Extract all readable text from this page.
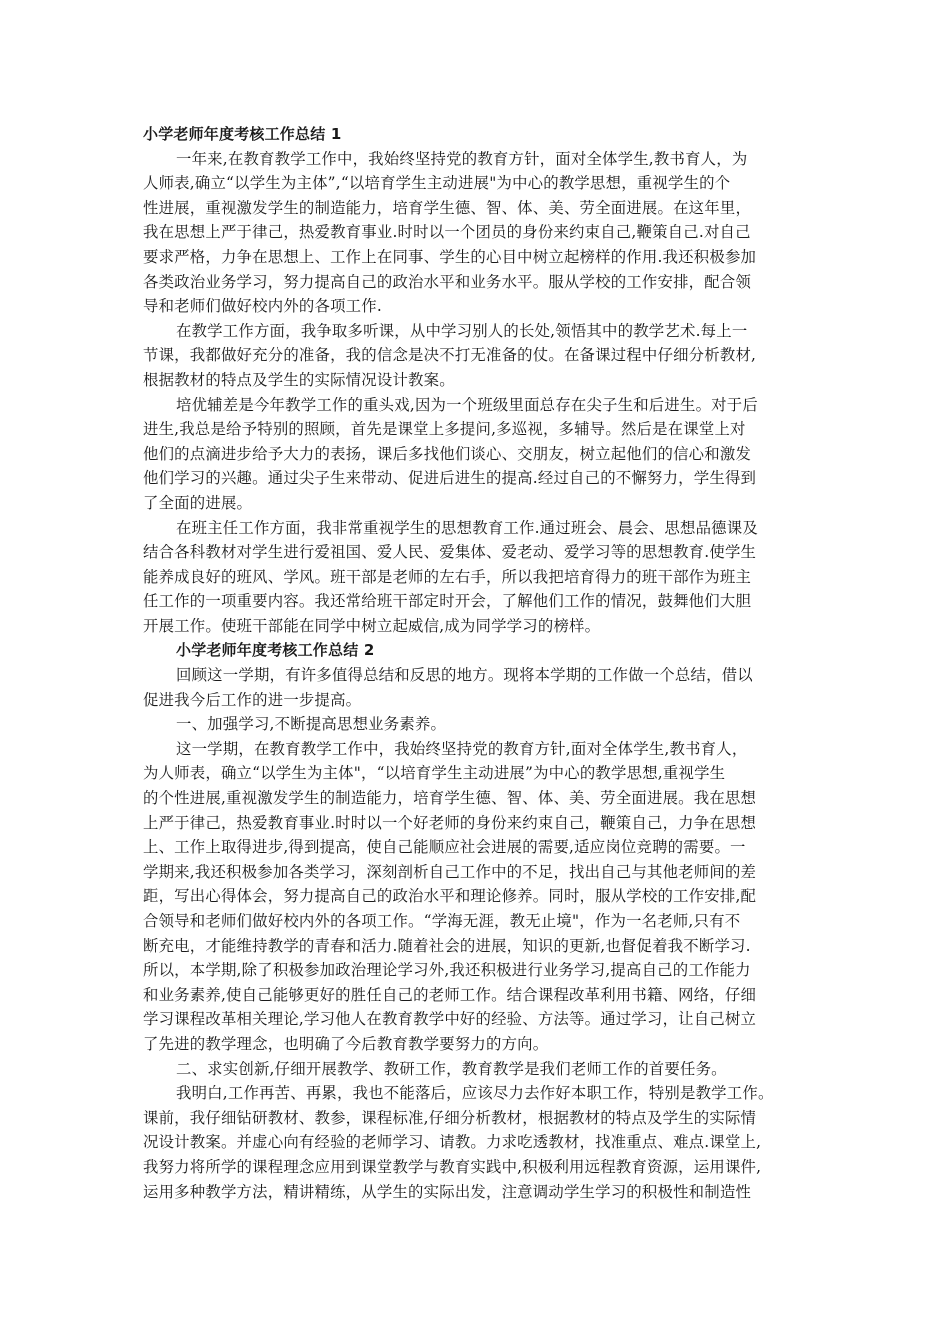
小学老师年度考核工作总结 1
一年来,在教育教学工作中，我始终坚持党的教育方针，面对全体学生,教书育人，为
人师表,确立“以学生为主体”,“以培育学生主动进展"为中心的教学思想，重视学生的个
性进展，重视激发学生的制造能力，培育学生德、智、体、美、劳全面进展。在这年里，
我在思想上严于律己，热爱教育事业.时时以一个团员的身份来约束自己,鞭策自己.对自己
要求严格，力争在思想上、工作上在同事、学生的心目中树立起榜样的作用.我还积极参加
各类政治业务学习，努力提高自己的政治水平和业务水平。服从学校的工作安排，配合领
导和老师们做好校内外的各项工作.
在教学工作方面，我争取多听课，从中学习别人的长处,领悟其中的教学艺术.每上一
节课，我都做好充分的准备，我的信念是决不打无准备的仗。在备课过程中仔细分析教材,
根据教材的特点及学生的实际情况设计教案。
培优辅差是今年教学工作的重头戏,因为一个班级里面总存在尖子生和后进生。对于后
进生,我总是给予特别的照顾，首先是课堂上多提问,多巡视，多辅导。然后是在课堂上对
他们的点滴进步给予大力的表扬，课后多找他们谈心、交朋友，树立起他们的信心和激发
他们学习的兴趣。通过尖子生来带动、促进后进生的提高.经过自己的不懈努力，学生得到
了全面的进展。
在班主任工作方面，我非常重视学生的思想教育工作.通过班会、晨会、思想品德课及
结合各科教材对学生进行爱祖国、爱人民、爱集体、爱老动、爱学习等的思想教育.使学生
能养成良好的班风、学风。班干部是老师的左右手，所以我把培育得力的班干部作为班主
任工作的一项重要内容。我还常给班干部定时开会，了解他们工作的情况，鼓舞他们大胆
开展工作。使班干部能在同学中树立起威信,成为同学学习的榜样。
小学老师年度考核工作总结 2
回顾这一学期，有许多值得总结和反思的地方。现将本学期的工作做一个总结，借以
促进我今后工作的进一步提高。
一、加强学习,不断提高思想业务素养。
这一学期，在教育教学工作中，我始终坚持党的教育方针,面对全体学生,教书育人，
为人师表，确立“以学生为主体"，“以培育学生主动进展”为中心的教学思想,重视学生
的个性进展,重视激发学生的制造能力，培育学生德、智、体、美、劳全面进展。我在思想
上严于律己，热爱教育事业.时时以一个好老师的身份来约束自己，鞭策自己，力争在思想
上、工作上取得进步,得到提高，使自己能顺应社会进展的需要,适应岗位竞聘的需要。一
学期来,我还积极参加各类学习，深刻剖析自己工作中的不足，找出自己与其他老师间的差
距，写出心得体会，努力提高自己的政治水平和理论修养。同时，服从学校的工作安排,配
合领导和老师们做好校内外的各项工作。“学海无涯，教无止境"，作为一名老师,只有不
断充电，才能维持教学的青春和活力.随着社会的进展，知识的更新,也督促着我不断学习.
所以，本学期,除了积极参加政治理论学习外,我还积极进行业务学习,提高自己的工作能力
和业务素养,使自己能够更好的胜任自己的老师工作。结合课程改革利用书籍、网络，仔细
学习课程改革相关理论,学习他人在教育教学中好的经验、方法等。通过学习，让自己树立
了先进的教学理念，也明确了今后教育教学要努力的方向。
二、求实创新,仔细开展教学、教研工作，教育教学是我们老师工作的首要任务。
我明白,工作再苦、再累，我也不能落后，应该尽力去作好本职工作，特别是教学工作。
课前，我仔细钻研教材、教参，课程标准,仔细分析教材，根据教材的特点及学生的实际情
况设计教案。并虚心向有经验的老师学习、请教。力求吃透教材，找准重点、难点.课堂上,
我努力将所学的课程理念应用到课堂教学与教育实践中,积极利用远程教育资源，运用课件,
运用多种教学方法，精讲精练，从学生的实际出发，注意调动学生学习的积极性和制造性
